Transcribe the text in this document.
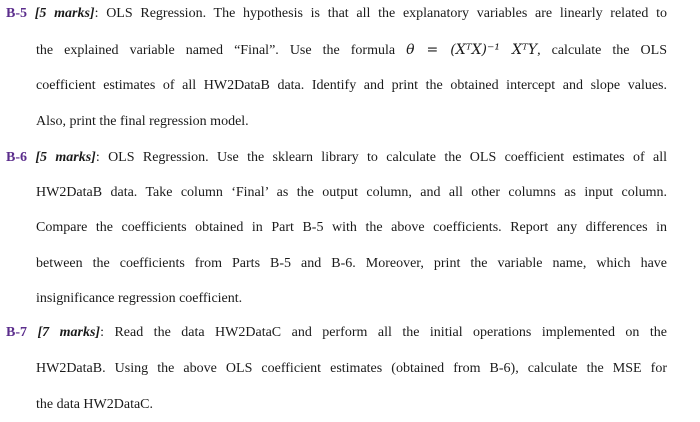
B-5 [5 marks]: OLS Regression. The hypothesis is that all the explanatory variables are linearly related to
the explained variable named “Final”. Use the formula θ = (XᵀX)⁻¹ XᵀY, calculate the OLS
coefficient estimates of all HW2DataB data. Identify and print the obtained intercept and slope values.
Also, print the final regression model.
B-6 [5 marks]: OLS Regression. Use the sklearn library to calculate the OLS coefficient estimates of all
HW2DataB data. Take column ‘Final’ as the output column, and all other columns as input column.
Compare the coefficients obtained in Part B-5 with the above coefficients. Report any differences in
between the coefficients from Parts B-5 and B-6. Moreover, print the variable name, which have
insignificance regression coefficient.
B-7 [7 marks]: Read the data HW2DataC and perform all the initial operations implemented on the
HW2DataB. Using the above OLS coefficient estimates (obtained from B-6), calculate the MSE for
the data HW2DataC.
